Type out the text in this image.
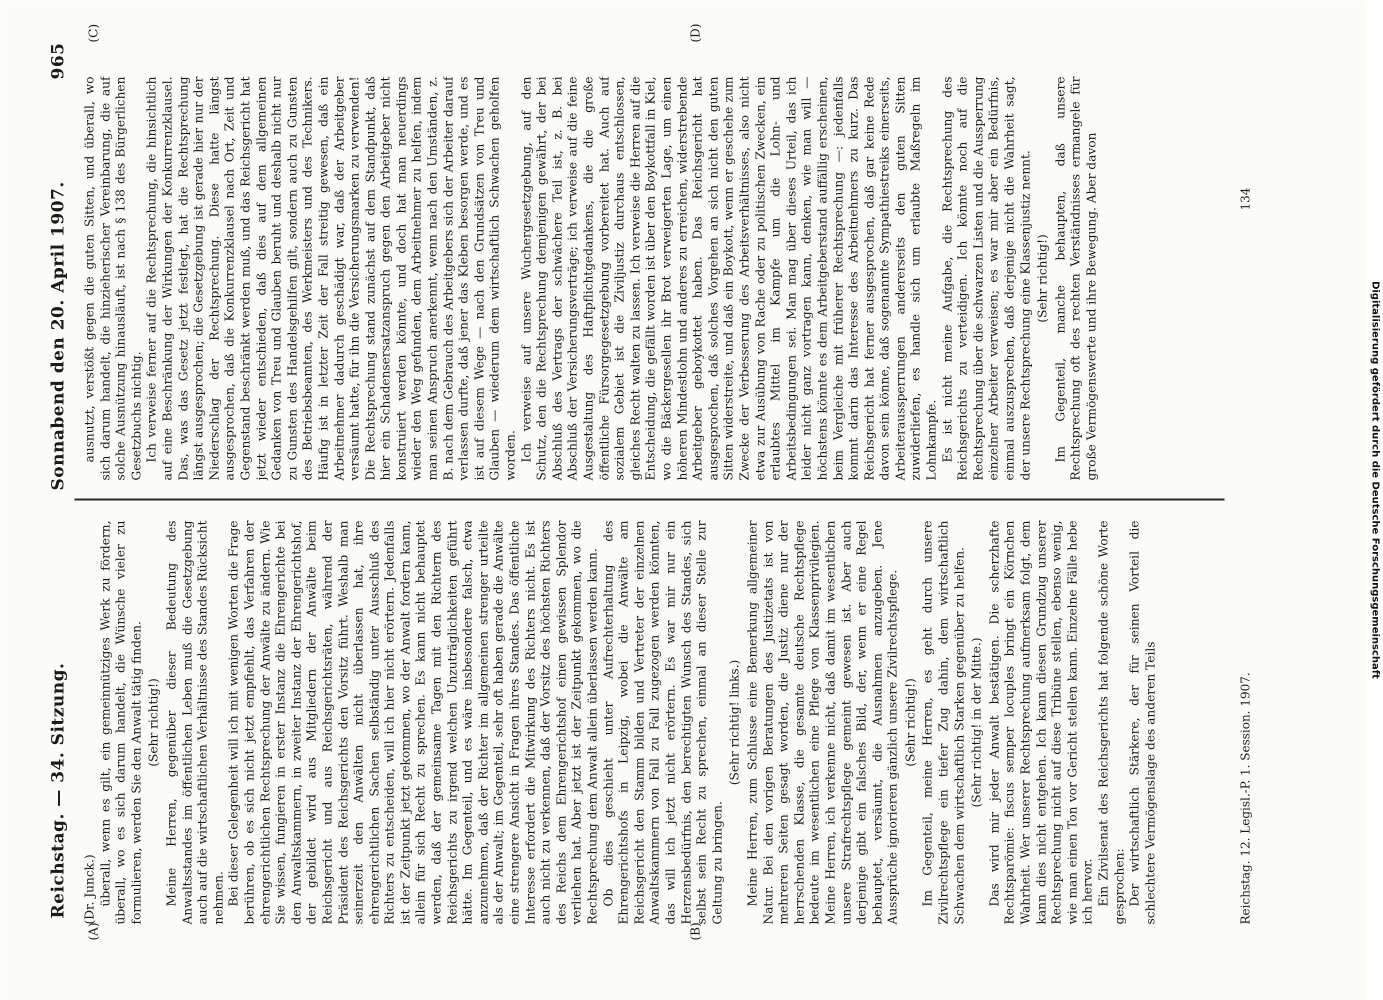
Reichstag. — 34. Sitzung.
Sonnabend den 20. April 1907.
965
(A)	(B)
(C)	(D)

(Dr. Junck.) überall, wenn es gilt, ein gemeinnütziges Werk zu fördern, überall, wo es sich darum handelt, die Wünsche vieler zu formulieren, werden Sie den Anwalt tätig finden. (Sehr richtig!) Meine Herren, gegenüber dieser Bedeutung des Anwaltsstandes im öffentlichen Leben muß die Gesetzgebung auch auf die wirtschaftlichen Verhältnisse des Standes Rücksicht nehmen. Bei dieser Gelegenheit will ich mit wenigen Worten die Frage berühren, ob es sich nicht jetzt empfiehlt, das Verfahren der ehrengerichtlichen Rechtsprechung der Anwälte zu ändern. Wie Sie wissen, fungieren in erster Instanz die Ehrengerichte bei den Anwaltskammern, in zweiter Instanz der Ehrengerichtshof, der gebildet wird aus Mitgliedern der Anwälte beim Reichsgericht und aus Reichsgerichtsräten, während der Präsident des Reichsgerichts den Vorsitz führt. Weshalb man seinerzeit den Anwälten nicht überlassen hat, ihre ehrengerichtlichen Sachen selbständig unter Ausschluß des Richters zu entscheiden, will ich hier nicht erörtern. Jedenfalls ist der Zeitpunkt jetzt gekommen, wo der Anwalt fordern kann, allein für sich Recht zu sprechen. Es kann nicht behauptet werden, daß der gemeinsame Tagen mit den Richtern des Reichsgerichts zu irgend welchen Unzuträglichkeiten geführt hätte. Im Gegenteil, und es wäre insbesondere falsch, etwa anzunehmen, daß der Richter im allgemeinen strenger urteilte als der Anwalt; im Gegenteil, sehr oft haben gerade die Anwälte eine strengere Ansicht in Fragen ihres Standes. Das öffentliche Interesse erfordert die Mitwirkung des Richters nicht. Es ist auch nicht zu verkennen, daß der Vorsitz des höchsten Richters des Reichs dem Ehrengerichtshof einen gewissen Splendor verliehen hat. Aber jetzt ist der Zeitpunkt gekommen, wo die Rechtsprechung dem Anwalt allein überlassen werden kann. Ob dies geschieht unter Aufrechterhaltung des Ehrengerichtshofs in Leipzig, wobei die Anwälte am Reichsgericht den Stamm bilden und Vertreter der einzelnen Anwaltskammern von Fall zu Fall zugezogen werden könnten, das will ich jetzt nicht erörtern. Es war mir nur ein Herzensbedürfnis, den berechtigten Wunsch des Standes, sich selbst sein Recht zu sprechen, einmal an dieser Stelle zur Geltung zu bringen.

(Sehr richtig! links.) Meine Herren, zum Schlusse eine Bemerkung allgemeiner Natur. Bei den vorigen Beratungen des Justizetats ist von mehreren Seiten gesagt worden, die Justiz diene nur der herrschenden Klasse, die gesamte deutsche Rechtspflege bedeute im wesentlichen eine Pflege von Klassenprivilegien. Meine Herren, ich verkenne nicht, daß damit im wesentlichen unsere Strafrechtspflege gemeint gewesen ist. Aber auch derjenige gibt ein falsches Bild, der, wenn er eine Regel behauptet, versäumt, die Ausnahmen anzugeben. Jene Aussprüche ignorieren gänzlich unsere Zivilrechtspflege. (Sehr richtig!) Im Gegenteil, meine Herren, es geht durch unsere Zivilrechtspflege ein tiefer Zug dahin, dem wirtschaftlich Schwachen dem wirtschaftlich Starken gegenüber zu helfen. (Sehr richtig! in der Mitte.) Das wird mir jeder Anwalt bestätigen. Die scherzhafte Rechtsparömie: fiscus semper locuples bringt ein Körnchen Wahrheit. Wer unserer Rechtsprechung aufmerksam folgt, dem kann dies nicht entgehen. Ich kann diesen Grundzug unserer Rechtsprechung nicht auf diese Tribüne stellen, ebenso wenig, wie man einen Ton vor Gericht stellen kann. Einzelne Fälle hebe ich hervor. Ein Zivilsenat des Reichsgerichts hat folgende schöne Worte gesprochen: Der wirtschaftlich Stärkere, der für seinen Vorteil die schlechtere Vermögenslage des anderen Teils

ausnutzt, verstößt gegen die guten Sitten, und überall, wo sich darum handelt, die hinzieherischer Vereinbarung, die auf solche Ausnützung hinausläuft, ist nach § 138 des Bürgerlichen Gesetzbuchs nichtig. Ich verweise ferner auf die Rechtsprechung, die hinsichtlich auf eine Beschränkung der Wirkungen der Konkurrenzklausel. Das, was das Gesetz jetzt festlegt, hat die Rechtsprechung längst ausgesprochen; die Gesetzgebung ist gerade hier nur der Niederschlag der Rechtsprechung. Diese hatte längst ausgesprochen, daß die Konkurrenzklausel nach Ort, Zeit und Gegenstand beschränkt werden muß, und das Reichsgericht hat jetzt wieder entschieden, daß dies auf dem allgemeinen Gedanken von Treu und Glauben beruht und deshalb nicht nur zu Gunsten des Handelsgehilfen gilt, sondern auch zu Gunsten des Betriebsbeamten, des Werkmeisters und des Technikers. Häufig ist in letzter Zeit der Fall streitig gewesen, daß ein Arbeitnehmer dadurch geschädigt war, daß der Arbeitgeber versäumt hatte, für ihn die Versicherungsmarken zu verwenden! Die Rechtsprechung stand zunächst auf dem Standpunkt, daß hier ein Schadensersatzanspruch gegen den Arbeitgeber nicht konstruiert werden könnte, und doch hat man neuerdings wieder den Weg gefunden, dem Arbeitnehmer zu helfen, indem man seinen Anspruch anerkennt, wenn nach den Umständen, z. B. nach dem Gebrauch des Arbeitgebers sich der Arbeiter darauf verlassen durfte, daß jener das Kleben besorgen werde, und es ist auf diesem Wege — nach den Grundsätzen von Treu und Glauben — wiederum dem wirtschaftlich Schwachen geholfen worden. Ich verweise auf unsere Wuchergesetzgebung, auf den Schutz, den die Rechtsprechung demjenigen gewährt, der bei Abschluß des Vertrags der schwächere Teil ist, z. B. bei Abschluß der Versicherungsverträge; ich verweise auf die feine Ausgestaltung des Haftpflichtgedankens, die die große öffentliche Fürsorgegesetzgebung vorbereitet hat. Auch auf sozialem Gebiet ist die Ziviljustiz durchaus entschlossen, gleiches Recht walten zu lassen. Ich verweise die Herren auf die Entscheidung, die gefällt worden ist über den Boykottfall in Kiel, wo die Bäckergesellen ihr Brot verweigerten Lage, um einen höheren Mindestlohn und anderes zu erreichen, widerstrebende Arbeitgeber geboykottet haben. Das Reichsgericht hat ausgesprochen, daß solches Vorgehen an sich nicht den guten Sitten widerstreite, und daß ein Boykott, wenn er geschehe zum Zwecke der Verbesserung des Arbeitsverhältnisses, also nicht etwa zur Ausübung von Rache oder zu politischen Zwecken, ein erlaubtes Mittel im Kampfe um die Lohn- und Arbeitsbedingungen sei. Man mag über dieses Urteil, das ich leider nicht ganz vortragen kann, denken, wie man will — höchstens könnte es dem Arbeitgeberstand auffällig erscheinen, beim Vergleiche mit früherer Rechtsprechung —: jedenfalls kommt darin das Interesse des Arbeitnehmers zu kurz. Das Reichsgericht hat ferner ausgesprochen, daß gar keine Rede davon sein könne, daß sogenannte Sympathiestreiks einerseits, Arbeiteraussperrungen andererseits den guten Sitten zuwiderliefen, es handle sich um erlaubte Maßregeln im Lohnkampfe. Es ist nicht meine Aufgabe, die Rechtsprechung des Reichsgerichts zu verteidigen. Ich könnte noch auf die Rechtsprechung über die schwarzen Listen und die Aussperrung einzelner Arbeiter verweisen; es war mir aber ein Bedürfnis, einmal auszusprechen, daß derjenige nicht die Wahrheit sagt, der unsere Rechtsprechung eine Klassenjustiz nennt. (Sehr richtig!) Im Gegenteil, manche behaupten, daß unsere Rechtsprechung oft des rechten Verständnisses ermangele für große Vermögenswerte und ihre Bewegung. Aber davon

Reichstag. 12. Legisl.-P. 1. Session. 1907.
134
Digitalisierung gefördert durch die Deutsche Forschungsgemeinschaft
